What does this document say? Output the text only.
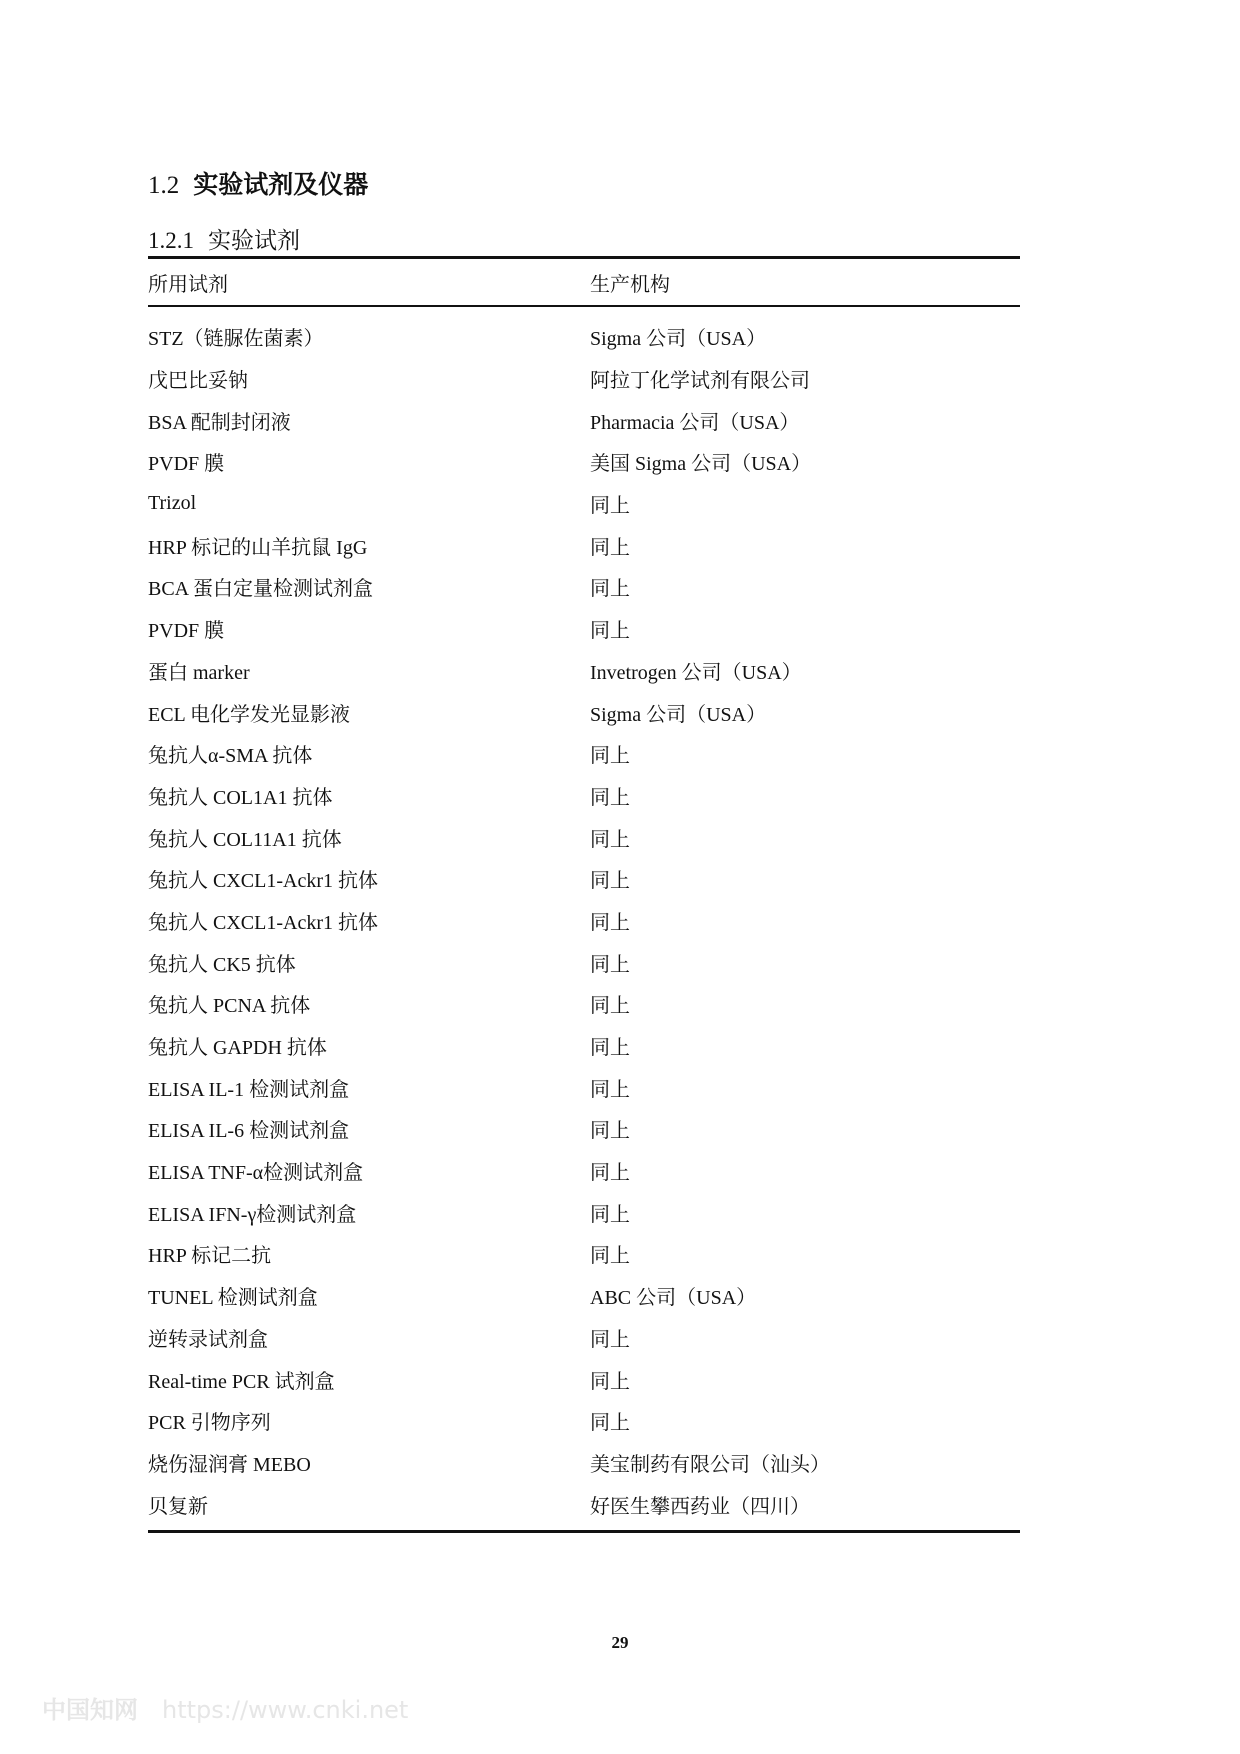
1.2 实验试剂及仪器
1.2.1 实验试剂
所用试剂	生产机构
STZ（链脲佐菌素）	Sigma 公司（USA）
戊巴比妥钠	阿拉丁化学试剂有限公司
BSA 配制封闭液	Pharmacia 公司（USA）
PVDF 膜	美国 Sigma 公司（USA）
Trizol	同上
HRP 标记的山羊抗鼠 IgG	同上
BCA 蛋白定量检测试剂盒	同上
PVDF 膜	同上
蛋白 marker	Invetrogen 公司（USA）
ECL 电化学发光显影液	Sigma 公司（USA）
兔抗人α-SMA 抗体	同上
兔抗人 COL1A1 抗体	同上
兔抗人 COL11A1 抗体	同上
兔抗人 CXCL1-Ackr1 抗体	同上
兔抗人 CXCL1-Ackr1 抗体	同上
兔抗人 CK5 抗体	同上
兔抗人 PCNA 抗体	同上
兔抗人 GAPDH 抗体	同上
ELISA IL-1 检测试剂盒	同上
ELISA IL-6 检测试剂盒	同上
ELISA TNF-α检测试剂盒	同上
ELISA IFN-γ检测试剂盒	同上
HRP 标记二抗	同上
TUNEL 检测试剂盒	ABC 公司（USA）
逆转录试剂盒	同上
Real-time PCR 试剂盒	同上
PCR 引物序列	同上
烧伤湿润膏 MEBO	美宝制药有限公司（汕头）
贝复新	好医生攀西药业（四川）
29
中国知网 https://www.cnki.net
